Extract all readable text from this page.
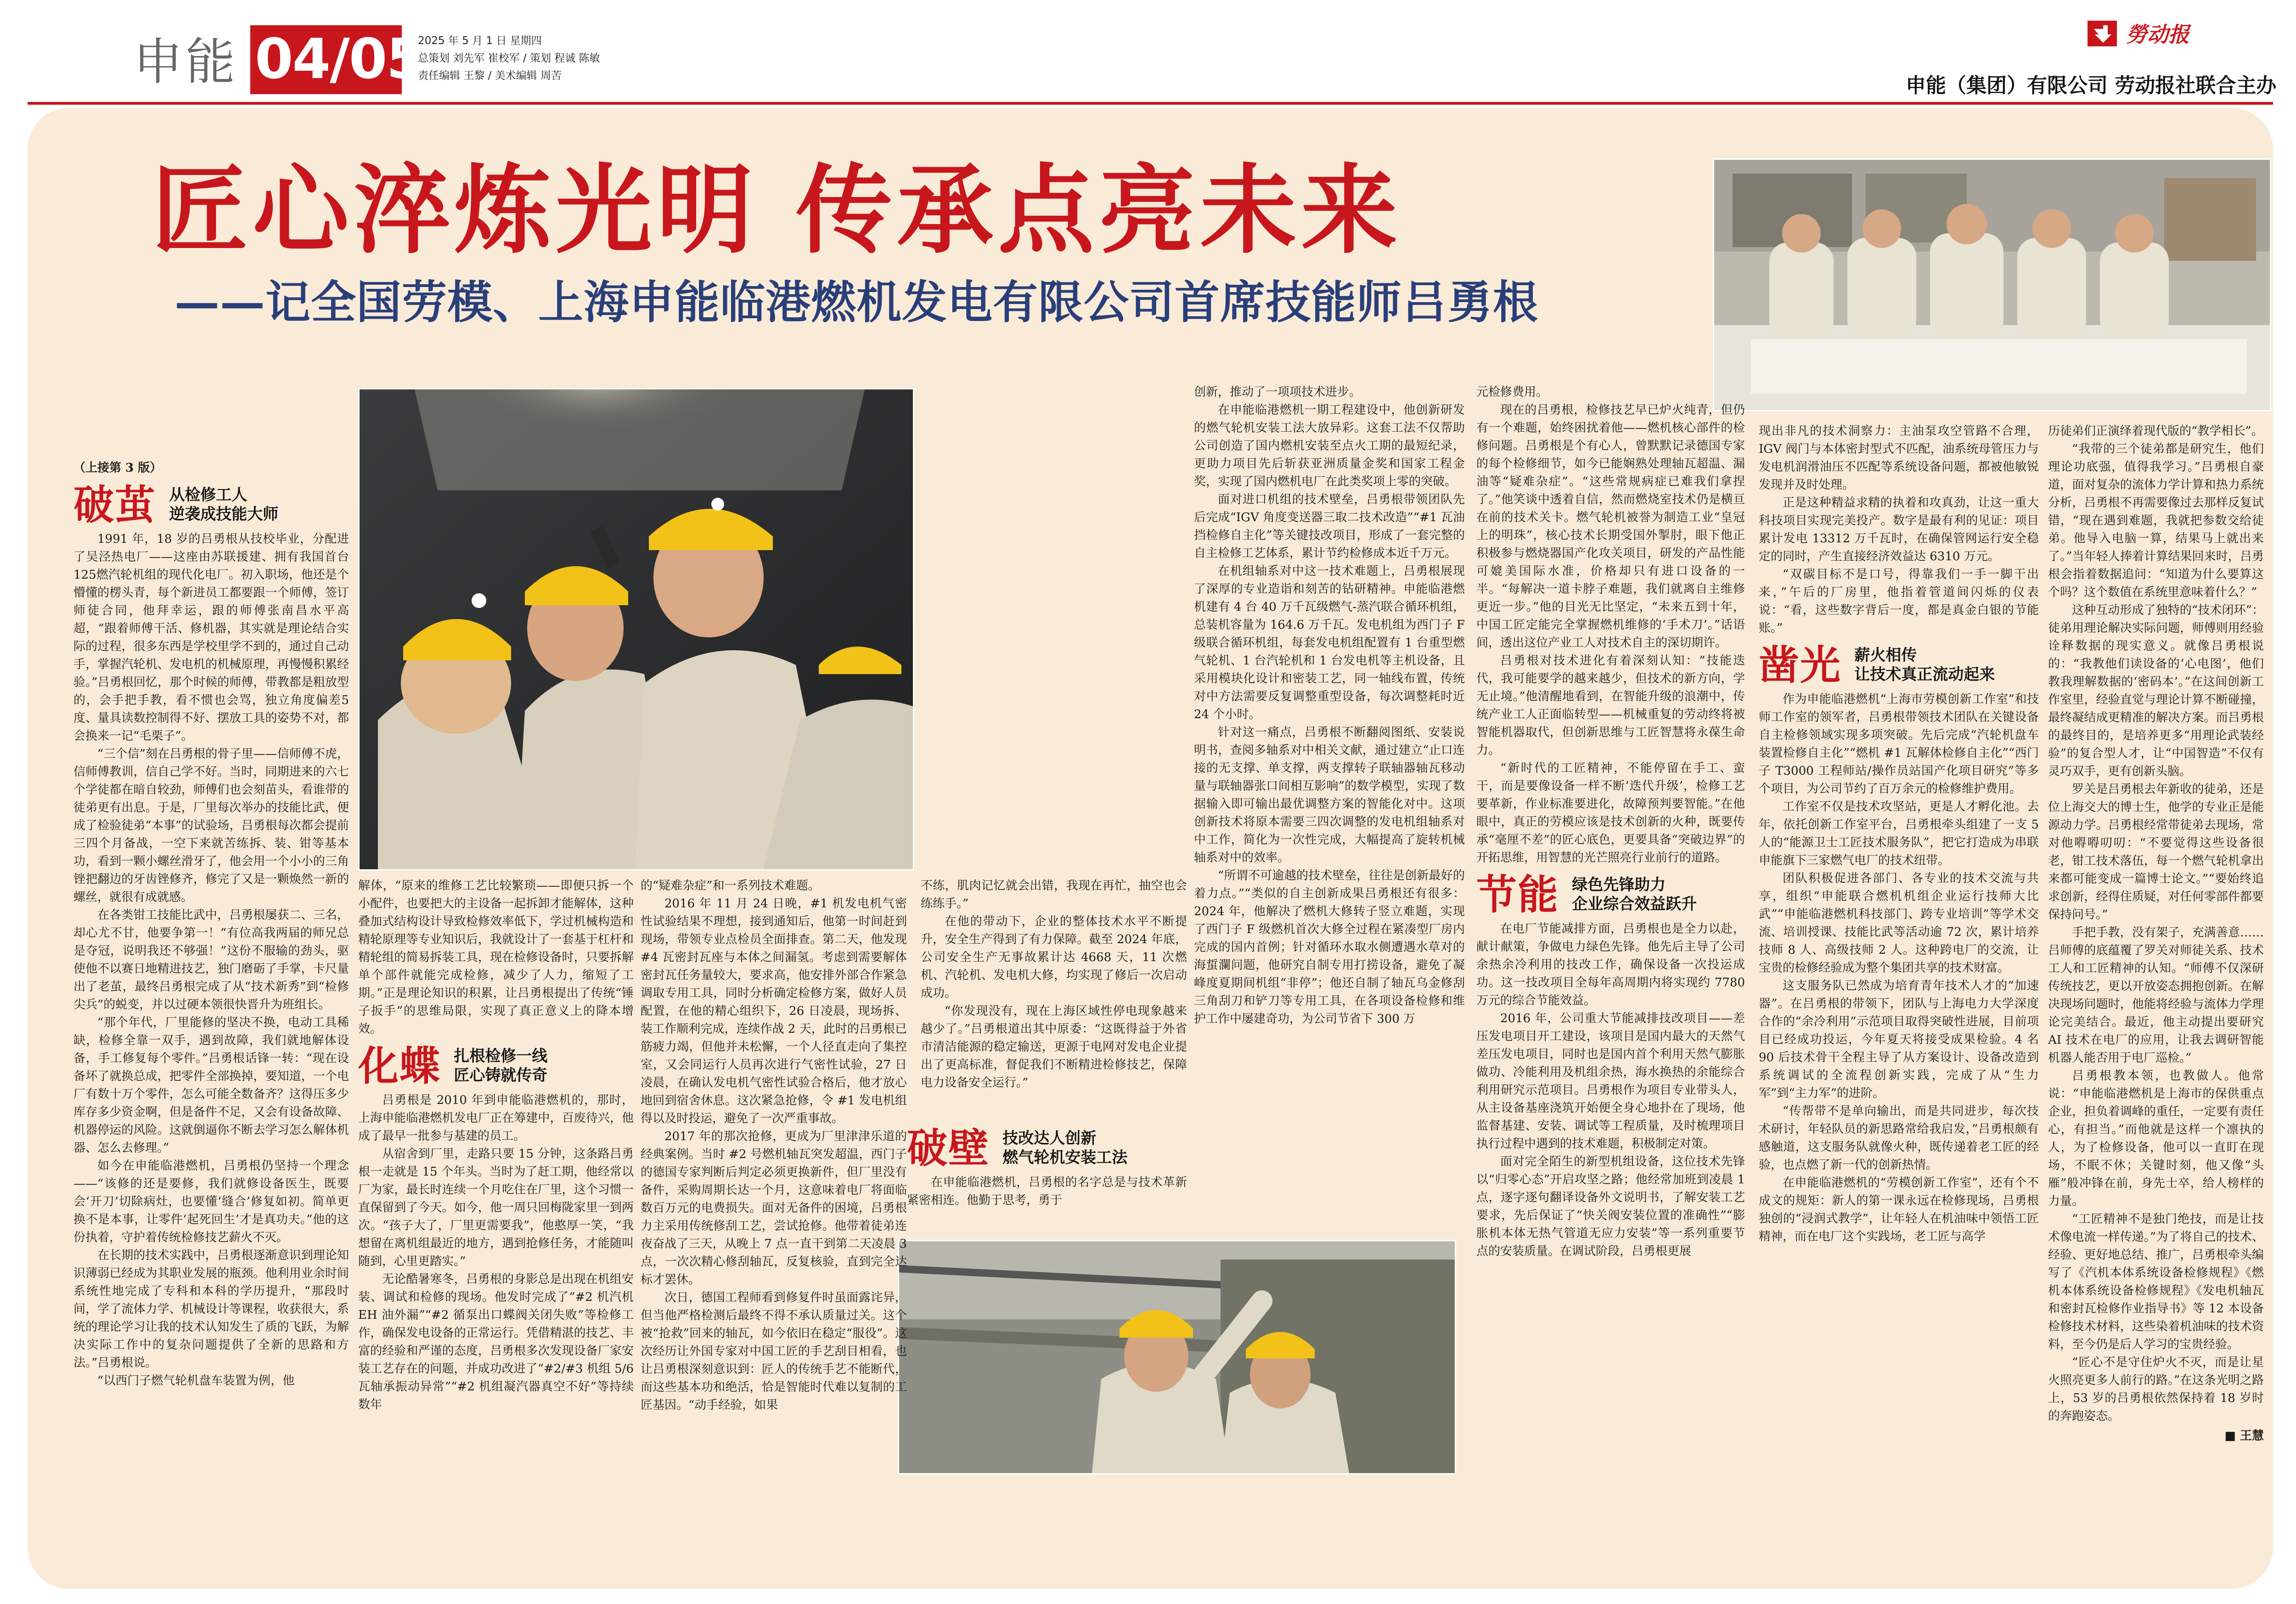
申能 04/05
2025 年 5 月 1 日 星期四
总策划 刘先军 崔校军 / 策划 程诚 陈敏
责任编辑 王黎 / 美术编辑 周苦
勞动报
申能（集团）有限公司 劳动报社联合主办
匠心淬炼光明 传承点亮未来
——记全国劳模、上海申能临港燃机发电有限公司首席技能师吕勇根
（上接第 3 版）
破茧 从检修工人
逆袭成技能大师

1991 年，18 岁的吕勇根从技校毕业，分配进了吴泾热电厂——这座由苏联援建、拥有我国首台125燃汽轮机组的现代化电厂。初入职场，他还是个懵懂的楞头青，每个新进员工都要跟一个师傅，签订师徒合同，他拜幸运，跟的师傅张南昌水平高超，“跟着师傅干活、修机器，其实就是理论结合实际的过程，很多东西是学校里学不到的，通过自己动手，掌握汽轮机、发电机的机械原理，再慢慢积累经验。”吕勇根回忆，那个时候的师傅，带教都是粗放型的，会手把手教，看不惯也会骂，独立角度偏差5度、量具读数控制得不好、摆放工具的姿势不对，都会换来一记“毛栗子”。

“三个信”刻在吕勇根的骨子里——信师傅不虎，信师傅教训，信自己学不好。当时，同期进来的六七个学徒都在暗自较劲，师傅们也会刻苗头，看谁带的徒弟更有出息。于是，厂里每次举办的技能比武，便成了检验徒弟“本事”的试验场，吕勇根每次都会提前三四个月备战，一空下来就苦练拆、装、钳等基本功，看到一颗小螺丝滑牙了，他会用一个小小的三角锉把翻边的牙齿锉修齐，修完了又是一颗焕然一新的螺丝，就很有成就感。

在各类钳工技能比武中，吕勇根屡获二、三名，却心尤不甘，他要争第一！“有位高我两届的师兄总是夺冠，说明我还不够强！”这份不服输的劲头，驱使他不以赛日地精进技艺，独门磨砺了手掌，卡尺量出了老茧，最终吕勇根完成了从“技术新秀”到“检修尖兵”的蜕变，并以过硬本领很快晋升为班组长。

“那个年代，厂里能修的坚决不换，电动工具稀缺，检修全靠一双手，遇到故障，我们就地解体设备，手工修复每个零件。”吕勇根话锋一转：“现在设备坏了就换总成，把零件全部换掉，要知道，一个电厂有数十万个零件，怎么可能全数备齐？这得压多少库存多少资金啊，但是备件不足，又会有设备故障、机器停运的风险。这就倒逼你不断去学习怎么解体机器、怎么去修理。”

如今在申能临港燃机，吕勇根仍坚持一个理念——“该修的还是要修，我们就修设备医生，既要会‘开刀’切除病灶，也要懂‘缝合’修复如初。简单更换不是本事，让零件‘起死回生’才是真功夫。”他的这份执着，守护着传统检修技艺薪火不灭。

在长期的技术实践中，吕勇根逐渐意识到理论知识薄弱已经成为其职业发展的瓶颈。他利用业余时间系统性地完成了专科和本科的学历提升，“那段时间，学了流体力学、机械设计等课程，收获很大，系统的理论学习让我的技术认知发生了质的飞跃，为解决实际工作中的复杂问题提供了全新的思路和方法。”吕勇根说。

“以西门子燃气轮机盘车装置为例，他

解体，“原来的维修工艺比较繁琐——即便只拆一个小配件，也要把大的主设备一起拆卸才能解体，这种叠加式结构设计导致检修效率低下，学过机械构造和精轮原理等专业知识后，我就设计了一套基于杠杆和精轮组的简易拆装工具，现在检修设备时，只要拆解单个部件就能完成检修，减少了人力，缩短了工期。”正是理论知识的积累，让吕勇根提出了传统“锤子扳手”的思维局限，实现了真正意义上的降本增效。

化蝶 扎根检修一线
匠心铸就传奇

吕勇根是 2010 年到申能临港燃机的，那时，上海申能临港燃机发电厂正在筹建中，百废待兴，他成了最早一批参与基建的员工。

从宿舍到厂里，走路只要 15 分钟，这条路吕勇根一走就是 15 个年头。当时为了赶工期，他经常以厂为家，最长时连续一个月吃住在厂里，这个习惯一直保留到了今天。如今，他一周只回梅陇家里一到两次。“孩子大了，厂里更需要我”，他憨厚一笑，“我想留在离机组最近的地方，遇到抢修任务，才能随叫随到，心里更踏实。”

无论酷暑寒冬，吕勇根的身影总是出现在机组安装、调试和检修的现场。他发时完成了“#2 机汽机 EH 油外漏”“#2 循泵出口蝶阀关闭失败”等检修工作，确保发电设备的正常运行。凭借精湛的技艺、丰富的经验和严谨的态度，吕勇根多次发现设备厂家安装工艺存在的问题，并成功改进了“#2/#3 机组 5/6 瓦轴承振动异常”“#2 机组凝汽器真空不好”等持续数年

的“疑难杂症”和一系列技术难题。

2016 年 11 月 24 日晚，#1 机发电机气密性试验结果不理想，接到通知后，他第一时间赶到现场，带领专业点检员全面排查。第二天，他发现 #4 瓦密封瓦座与本体之间漏氢。考虑到需要解体密封瓦任务量较大，要求高，他安排外部合作紧急调取专用工具，同时分析确定检修方案，做好人员配置，在他的精心组织下，26 日凌晨，现场拆、装工作顺利完成，连续作战 2 天，此时的吕勇根已筋疲力竭，但他并未松懈，一个人径直走向了集控室，又会同运行人员再次进行气密性试验，27 日凌晨，在确认发电机气密性试验合格后，他才放心地回到宿舍休息。这次紧急抢修，令 #1 发电机组得以及时投运，避免了一次严重事故。

2017 年的那次抢修，更成为厂里津津乐道的经典案例。当时 #2 号燃机轴瓦突发超温，西门子的德国专家判断后判定必须更换新件，但厂里没有备件，采购周期长达一个月，这意味着电厂将面临数百万元的电费损失。面对无备件的困境，吕勇根力主采用传统修刮工艺，尝试抢修。他带着徒弟连夜奋战了三天，从晚上 7 点一直干到第二天凌晨 3 点，一次次精心修刮轴瓦，反复核验，直到完全达标才罢休。

次日，德国工程师看到修复件时虽面露诧异，但当他严格检测后最终不得不承认质量过关。这个被“抢救”回来的轴瓦，如今依旧在稳定“服役”。这次经历让外国专家对中国工匠的手艺刮目相看，也让吕勇根深刻意识到：匠人的传统手艺不能断代，而这些基本功和绝活，恰是智能时代难以复制的工匠基因。“动手经验，如果

不练，肌肉记忆就会出错，我现在再忙，抽空也会练练手。”

在他的带动下，企业的整体技术水平不断提升，安全生产得到了有力保障。截至 2024 年底，公司安全生产无事故累计达 4668 天，11 次燃机、汽轮机、发电机大修，均实现了修后一次启动成功。

“你发现没有，现在上海区域性停电现象越来越少了。”吕勇根道出其中原委：“这既得益于外省市清洁能源的稳定输送，更源于电网对发电企业提出了更高标准，督促我们不断精进检修技艺，保障电力设备安全运行。”

破壁 技改达人创新
燃气轮机安装工法

在申能临港燃机，吕勇根的名字总是与技术革新紧密相连。他勤于思考，勇于

创新，推动了一项项技术进步。

在申能临港燃机一期工程建设中，他创新研发的燃气轮机安装工法大放异彩。这套工法不仅帮助公司创造了国内燃机安装至点火工期的最短纪录，更助力项目先后斩获亚洲质量金奖和国家工程金奖，实现了国内燃机电厂在此类奖项上零的突破。

面对进口机组的技术壁垒，吕勇根带领团队先后完成“IGV 角度变送器三取二技术改造”“#1 瓦油挡检修自主化”等关键技改项目，形成了一套完整的自主检修工艺体系，累计节约检修成本近千万元。

在机组轴系对中这一技术难题上，吕勇根展现了深厚的专业造诣和刻苦的钻研精神。申能临港燃机建有 4 台 40 万千瓦级燃气-蒸汽联合循环机组，总装机容量为 164.6 万千瓦。发电机组为西门子 F 级联合循环机组，每套发电机组配置有 1 台重型燃气轮机、1 台汽轮机和 1 台发电机等主机设备，且采用模块化设计和密装工艺，同一轴线布置，传统对中方法需要反复调整重型设备，每次调整耗时近 24 个小时。

针对这一痛点，吕勇根不断翻阅图纸、安装说明书，查阅多轴系对中相关文献，通过建立“止口连接的无支撑、单支撑，两支撑转子联轴器轴瓦移动量与联轴器张口间相互影响”的数学模型，实现了数据输入即可输出最优调整方案的智能化对中。这项创新技术将原本需要三四次调整的发电机组轴系对中工作，简化为一次性完成，大幅提高了旋转机械轴系对中的效率。

“所谓不可逾越的技术壁垒，往往是创新最好的着力点。”“类似的自主创新成果吕勇根还有很多：2024 年，他解决了燃机大修转子竖立难题，实现了西门子 F 级燃机首次大修全过程在紧凑型厂房内完成的国内首例；针对循环水取水侧遭遇水草对的海蜇瀾问题，他研究自制专用打捞设备，避免了凝峰度夏期间机组“非停”；他还自制了轴瓦乌金修刮三角刮刀和铲刀等专用工具，在各项设备检修和维护工作中屡建奇功，为公司节省下 300 万

元检修费用。

现在的吕勇根，检修技艺早已炉火纯青，但仍有一个难题，始终困扰着他——燃机核心部件的检修问题。吕勇根是个有心人，曾默默记录德国专家的每个检修细节，如今已能娴熟处理轴瓦超温、漏油等“疑难杂症”。“这些常规病症已难我们拿捏了。”他笑谈中透着自信，然而燃烧室技术仍是横亘在前的技术关卡。燃气轮机被誉为制造工业“皇冠上的明珠”，核心技术长期受国外掣肘，眼下他正积极参与燃烧器国产化攻关项目，研发的产品性能可媲美国际水准，价格却只有进口设备的一半。“每解决一道卡脖子难题，我们就离自主维修更近一步。”他的目光无比坚定，“未来五到十年，中国工匠定能完全掌握燃机维修的‘手术刀’。”话语间，透出这位产业工人对技术自主的深切期许。

吕勇根对技术进化有着深刻认知：“技能迭代，我可能要学的越来越少，但技术的新方向，学无止境。”他清醒地看到，在智能升级的浪潮中，传统产业工人正面临转型——机械重复的劳动终将被智能机器取代，但创新思维与工匠智慧将永葆生命力。

“新时代的工匠精神，不能停留在手工、蛮干，而是要像设备一样不断‘迭代升级’，检修工艺要革新，作业标准要进化，故障预判要智能。”在他眼中，真正的劳模应该是技术创新的火种，既要传承“毫厘不差”的匠心底色，更要具备“突破边界”的开拓思维，用智慧的光芒照亮行业前行的道路。

节能 绿色先锋助力
企业综合效益跃升

在电厂节能减排方面，吕勇根也是全力以赴，献计献策，争做电力绿色先锋。他先后主导了公司余热余冷利用的技改工作，确保设备一次投运成功。这一技改项目全每年高周期内将实现约 7780 万元的综合节能效益。

2016 年，公司重大节能减排技改项目——差压发电项目开工建设，该项目是国内最大的天然气差压发电项目，同时也是国内首个利用天然气膨胀做功、冷能利用及机组余热，海水换热的余能综合利用研究示范项目。吕勇根作为项目专业带头人，从主设备基座浇筑开始便全身心地扑在了现场，他监督基建、安装、调试等工程质量，及时梳理项目执行过程中遇到的技术难题，积极制定对策。

面对完全陌生的新型机组设备，这位技术先锋以“归零心态”开启攻坚之路；他经常加班到凌晨 1 点，逐字逐句翻译设备外文说明书，了解安装工艺要求，先后保证了“快关阀安装位置的准确性”“膨胀机本体无热气管道无应力安装”等一系列重要节点的安装质量。在调试阶段，吕勇根更展

现出非凡的技术洞察力：主油泵攻空管路不合理，IGV 阀门与本体密封型式不匹配，油系统母管压力与发电机润滑油压不匹配等系统设备问题，都被他敏锐发现并及时处理。

正是这种精益求精的执着和攻真劲，让这一重大科技项目实现完美投产。数字是最有利的见证：项目累计发电 13312 万千瓦时，在确保管网运行安全稳定的同时，产生直接经济效益达 6310 万元。

“双碳目标不是口号，得靠我们一手一脚干出来，”午后的厂房里，他指着管道间闪烁的仪表说：“看，这些数字背后一度，都是真金白银的节能账。”

凿光 薪火相传
让技术真正流动起来

作为申能临港燃机“上海市劳模创新工作室”和技师工作室的领军者，吕勇根带领技术团队在关键设备自主检修领域实现多项突破。先后完成“汽轮机盘车装置检修自主化”“燃机 #1 瓦解体检修自主化”“西门子 T3000 工程师站/操作员站国产化项目研究”等多个项目，为公司节约了百万余元的检修维护费用。

工作室不仅是技术攻坚站，更是人才孵化池。去年，依托创新工作室平台，吕勇根牵头组建了一支 5 人的“能源卫士工匠技术服务队”，把它打造成为串联申能旗下三家燃气电厂的技术纽带。

团队积极促进各部门、各专业的技术交流与共享，组织“申能联合燃机机组企业运行技师大比武”“申能临港燃机科技部门、跨专业培训”等学术交流、培训授课、技能比武等活动逾 72 次，累计培养技师 8 人、高级技师 2 人。这种跨电厂的交流，让宝贵的检修经验成为整个集团共享的技术财富。

这支服务队已然成为培育青年技术人才的“加速器”。在吕勇根的带领下，团队与上海电力大学深度合作的“余冷利用”示范项目取得突破性进展，目前项目已经成功投运，今年夏天将接受成果检验。4 名 90 后技术骨干全程主导了从方案设计、设备改造到系统调试的全流程创新实践，完成了从“生力军”到“主力军”的进阶。

“传帮带不是单向输出，而是共同进步，每次技术研讨，年轻队员的新思路常给我启发，”吕勇根颇有感触道，这支服务队就像火种，既传递着老工匠的经验，也点燃了新一代的创新热情。

在申能临港燃机的“劳模创新工作室”，还有个不成文的规矩：新人的第一课永远在检修现场，吕勇根独创的“浸润式教学”，让年轻人在机油味中领悟工匠精神，而在电厂这个实践场，老工匠与高学

历徒弟们正演绎着现代版的“教学相长”。

“我带的三个徒弟都是研究生，他们理论功底强，值得我学习。”吕勇根自豪道，面对复杂的流体力学计算和热力系统分析，吕勇根不再需要像过去那样反复试错，“现在遇到难题，我就把参数交给徒弟。他导入电脑一算，结果马上就出来了。”当年轻人捧着计算结果回来时，吕勇根会指着数据追问：“知道为什么要算这个吗？这个数值在系统里意味着什么？”

这种互动形成了独特的“技术闭环”：徒弟用理论解决实际问题，师傅则用经验诠释数据的现实意义。就像吕勇根说的：“我教他们读设备的‘心电图’，他们教我理解数据的‘密码本’。”在这间创新工作室里，经验直觉与理论计算不断碰撞，最终凝结成更精准的解决方案。而吕勇根的最终目的，是培养更多“用理论武装经验”的复合型人才，让“中国智造”不仅有灵巧双手，更有创新头脑。

罗关是吕勇根去年新收的徒弟，还是位上海交大的博士生，他学的专业正是能源动力学。吕勇根经常带徒弟去现场，常对他嘚嘚叨叨：“不要觉得这些设备很老，钳工技术落伍，每一个燃气轮机拿出来都可能变成一篇博士论文。”“要始终追求创新，经得住质疑，对任何零部件都要保持问号。”

手把手教，没有架子，充满善意……吕师傅的底蕴覆了罗关对师徒关系、技术工人和工匠精神的认知。“师傅不仅深研传统技艺，更以开放姿态拥抱创新。在解决现场问题时，他能将经验与流体力学理论完美结合。最近，他主动提出要研究 AI 技术在电厂的应用，让我去调研智能机器人能否用于电厂巡检。”

吕勇根教本领，也教做人。他常说：“申能临港燃机是上海市的保供重点企业，担负着调峰的重任，一定要有责任心，有担当。”而他就是这样一个凛执的人，为了检修设备，他可以一直盯在现场，不眠不休；关键时刻，他又像“头雁”般冲锋在前，身先士卒，给人榜样的力量。

“工匠精神不是独门绝技，而是让技术像电流一样传递。”为了将自己的技术、经验、更好地总结、推广，吕勇根牵头编写了《汽机本体系统设备检修规程》《燃机本体系统设备检修规程》《发电机轴瓦和密封瓦检修作业指导书》等 12 本设备检修技术材料，这些染着机油味的技术资料，至今仍是后人学习的宝贵经验。

“匠心不是守住炉火不灭，而是让星火照亮更多人前行的路。”在这条光明之路上，53 岁的吕勇根依然保持着 18 岁时的奔跑姿态。

■ 王慧
